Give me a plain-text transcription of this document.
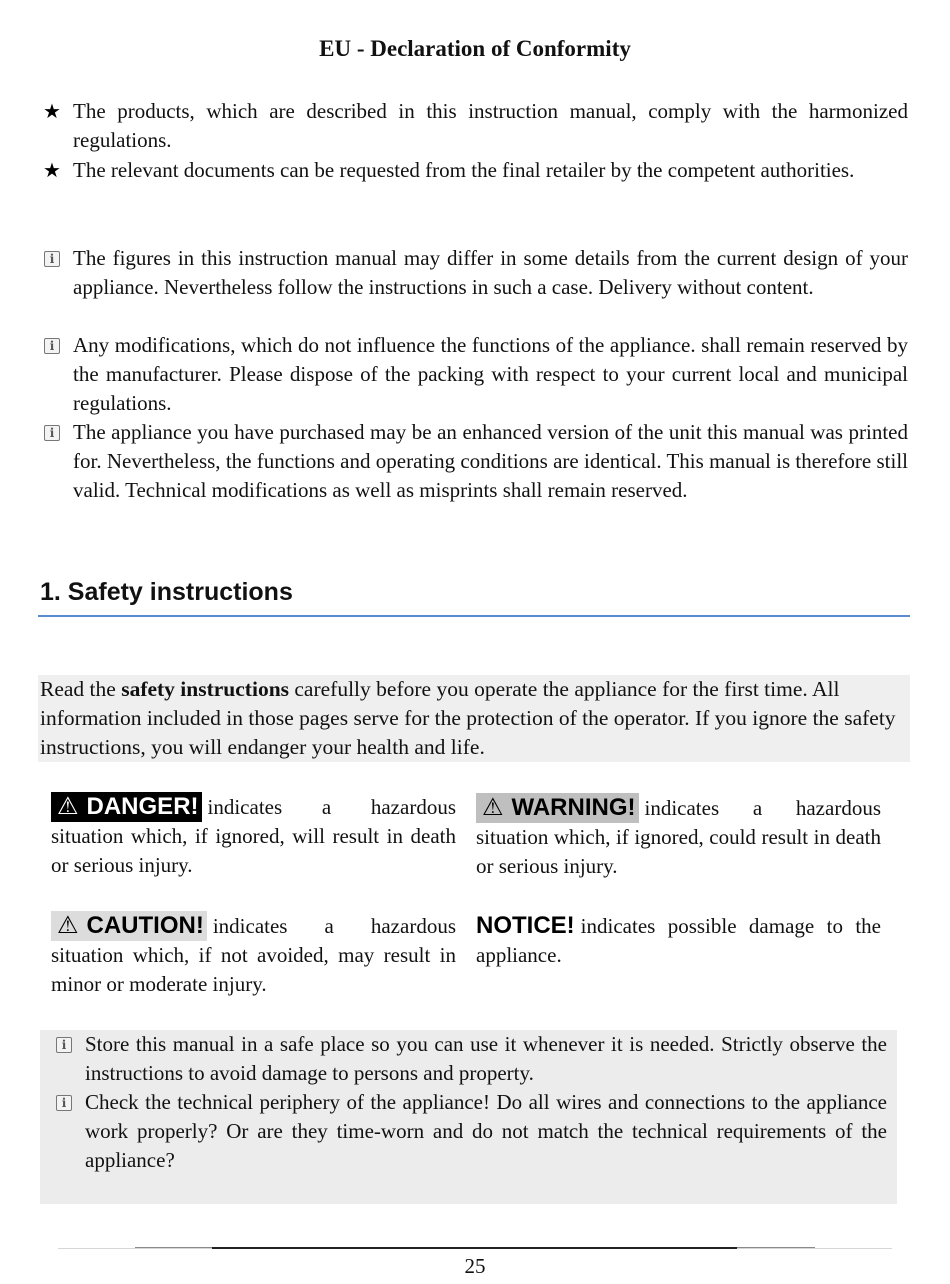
EU - Declaration of Conformity
★ The products, which are described in this instruction manual, comply with the harmonized regulations.
★ The relevant documents can be requested from the final retailer by the competent authorities.
i The figures in this instruction manual may differ in some details from the current design of your appliance. Nevertheless follow the instructions in such a case. Delivery without content.
i Any modifications, which do not influence the functions of the appliance. shall remain reserved by the manufacturer. Please dispose of the packing with respect to your current local and municipal regulations.
i The appliance you have purchased may be an enhanced version of the unit this manual was printed for. Nevertheless, the functions and operating conditions are identical. This manual is therefore still valid. Technical modifications as well as misprints shall remain reserved.
1. Safety instructions
Read the safety instructions carefully before you operate the appliance for the first time. All information included in those pages serve for the protection of the operator. If you ignore the safety instructions, you will endanger your health and life.
⚠ DANGER! indicates a hazardous situation which, if ignored, will result in death or serious injury.
⚠ WARNING! indicates a hazardous situation which, if ignored, could result in death or serious injury.
⚠ CAUTION! indicates a hazardous situation which, if not avoided, may result in minor or moderate injury.
NOTICE! indicates possible damage to the appliance.
i Store this manual in a safe place so you can use it whenever it is needed. Strictly observe the instructions to avoid damage to persons and property.
i Check the technical periphery of the appliance! Do all wires and connections to the appliance work properly? Or are they time-worn and do not match the technical requirements of the appliance?
25
